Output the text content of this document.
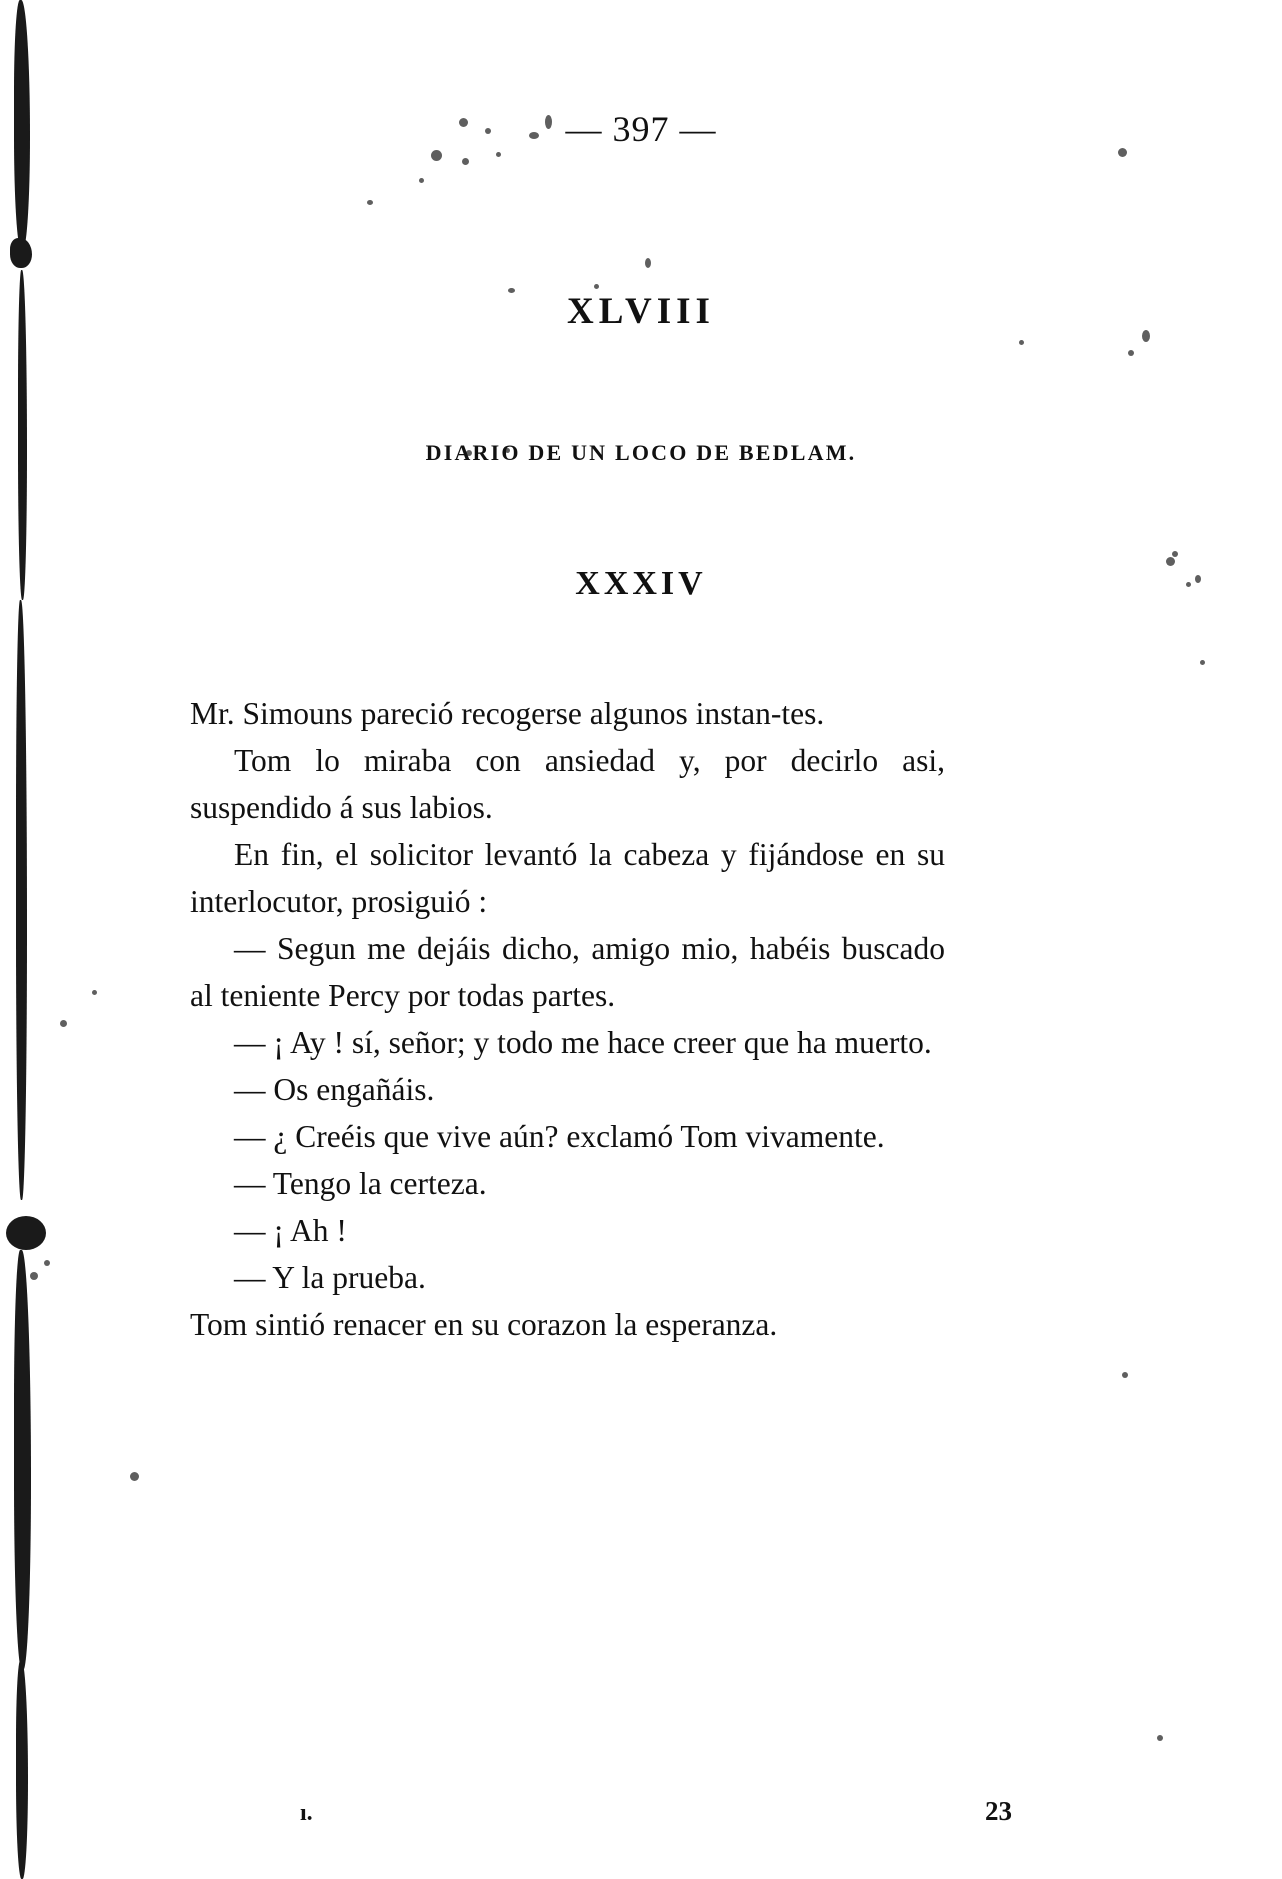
— 397 —
XLVIII
DIARIO DE UN LOCO DE BEDLAM.
XXXIV

Mr. Simouns pareció recogerse algunos instan-tes.

Tom lo miraba con ansiedad y, por decirlo asi, suspendido á sus labios.

En fin, el solicitor levantó la cabeza y fijándose en su interlocutor, prosiguió :

— Segun me dejáis dicho, amigo mio, habéis buscado al teniente Percy por todas partes.

— ¡ Ay ! sí, señor; y todo me hace creer que ha muerto.

— Os engañáis.

— ¿ Creéis que vive aún? exclamó Tom vivamente.

— Tengo la certeza.

— ¡ Ah !

— Y la prueba.

Tom sintió renacer en su corazon la esperanza.

ı.	23
